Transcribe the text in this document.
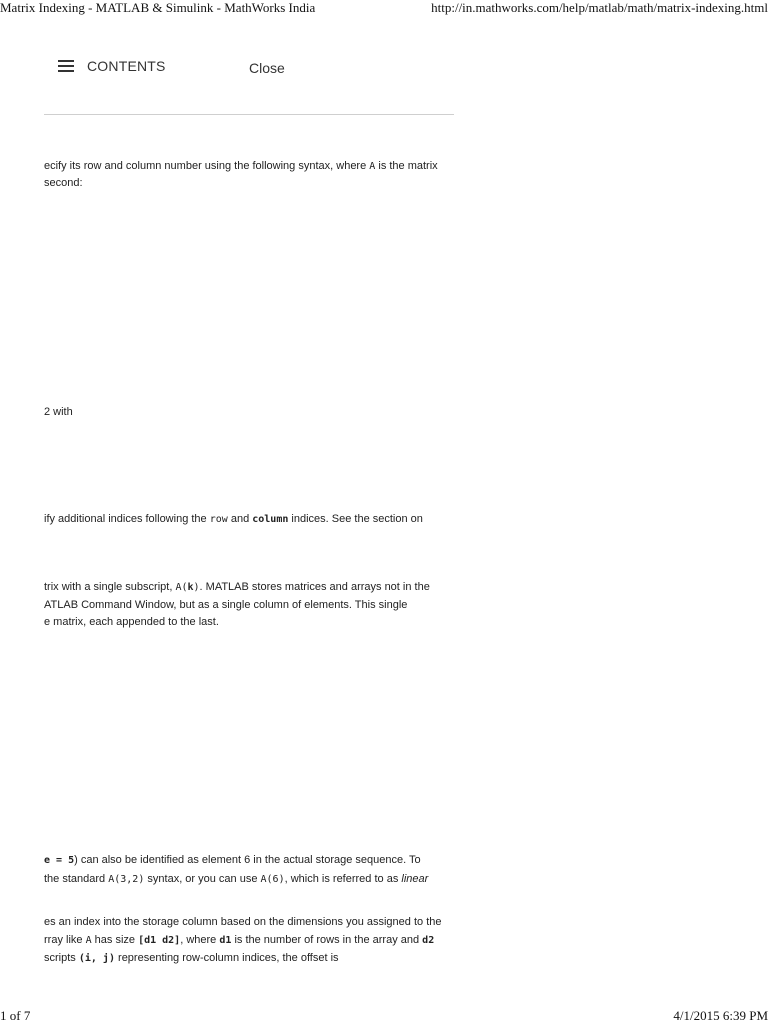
Matrix Indexing - MATLAB & Simulink - MathWorks India	http://in.mathworks.com/help/matlab/math/matrix-indexing.html
CONTENTS	Close
ecify its row and column number using the following syntax, where A is the matrix
second:
2 with
ify additional indices following the row and column indices. See the section on
trix with a single subscript, A(k). MATLAB stores matrices and arrays not in the
ATLAB Command Window, but as a single column of elements. This single
e matrix, each appended to the last.
e = 5) can also be identified as element 6 in the actual storage sequence. To
the standard A(3,2) syntax, or you can use A(6), which is referred to as linear
es an index into the storage column based on the dimensions you assigned to the
rray like A has size [d1 d2], where d1 is the number of rows in the array and d2
scripts (i, j) representing row-column indices, the offset is
1 of 7	4/1/2015 6:39 PM
